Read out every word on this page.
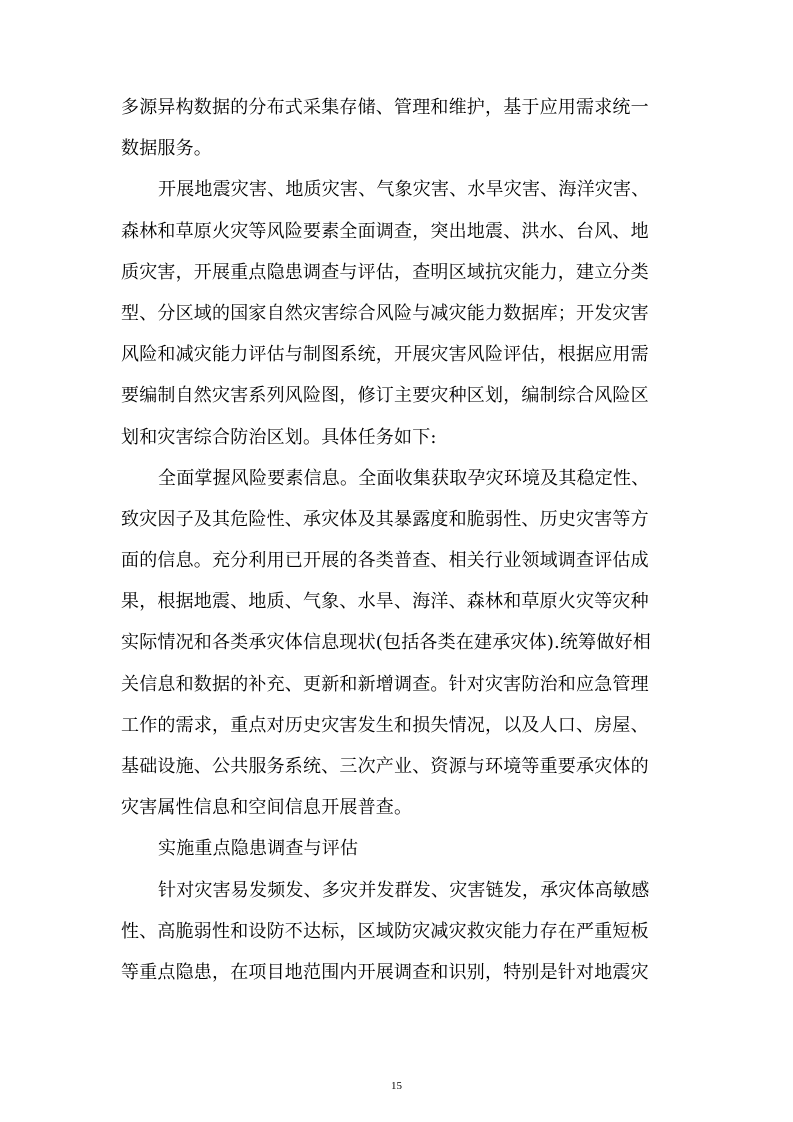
多源异构数据的分布式采集存储、管理和维护，基于应用需求统一
数据服务。

开展地震灾害、地质灾害、气象灾害、水旱灾害、海洋灾害、
森林和草原火灾等风险要素全面调查，突出地震、洪水、台风、地
质灾害，开展重点隐患调查与评估，查明区域抗灾能力，建立分类
型、分区域的国家自然灾害综合风险与减灾能力数据库；开发灾害
风险和减灾能力评估与制图系统，开展灾害风险评估，根据应用需
要编制自然灾害系列风险图，修订主要灾种区划，编制综合风险区
划和灾害综合防治区划。具体任务如下:

全面掌握风险要素信息。全面收集获取孕灾环境及其稳定性、
致灾因子及其危险性、承灾体及其暴露度和脆弱性、历史灾害等方
面的信息。充分利用已开展的各类普查、相关行业领域调查评估成
果，根据地震、地质、气象、水旱、海洋、森林和草原火灾等灾种
实际情况和各类承灾体信息现状(包括各类在建承灾体).统筹做好相
关信息和数据的补充、更新和新增调查。针对灾害防治和应急管理
工作的需求，重点对历史灾害发生和损失情况，以及人口、房屋、
基础设施、公共服务系统、三次产业、资源与环境等重要承灾体的
灾害属性信息和空间信息开展普查。

实施重点隐患调查与评估

针对灾害易发频发、多灾并发群发、灾害链发，承灾体高敏感
性、高脆弱性和设防不达标，区域防灾减灾救灾能力存在严重短板
等重点隐患，在项目地范围内开展调查和识别，特别是针对地震灾

15
